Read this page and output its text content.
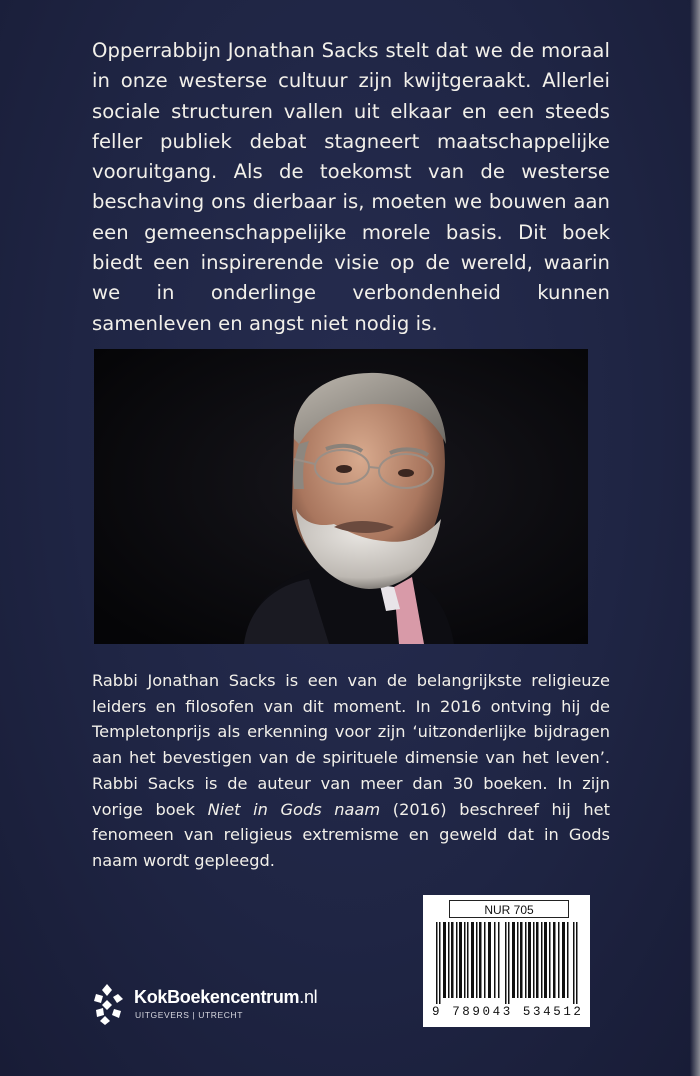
Opperrabbijn Jonathan Sacks stelt dat we de moraal in onze westerse cultuur zijn kwijtgeraakt. Allerlei sociale structuren vallen uit elkaar en een steeds feller publiek debat stagneert maatschappelijke vooruitgang. Als de toekomst van de westerse beschaving ons dierbaar is, moeten we bouwen aan een gemeenschappelijke morele basis. Dit boek biedt een inspirerende visie op de wereld, waarin we in onderlinge verbondenheid kunnen samenleven en angst niet nodig is.

Rabbi Jonathan Sacks is een van de belangrijkste religieuze leiders en filosofen van dit moment. In 2016 ontving hij de Templetonprijs als erkenning voor zijn ‘uitzonderlijke bijdragen aan het bevestigen van de spirituele dimensie van het leven’. Rabbi Sacks is de auteur van meer dan 30 boeken. In zijn vorige boek Niet in Gods naam (2016) beschreef hij het fenomeen van religieus extremisme en geweld dat in Gods naam wordt gepleegd.

NUR 705
9 789043 534512
KokBoekencentrum.nl
UITGEVERS | UTRECHT
